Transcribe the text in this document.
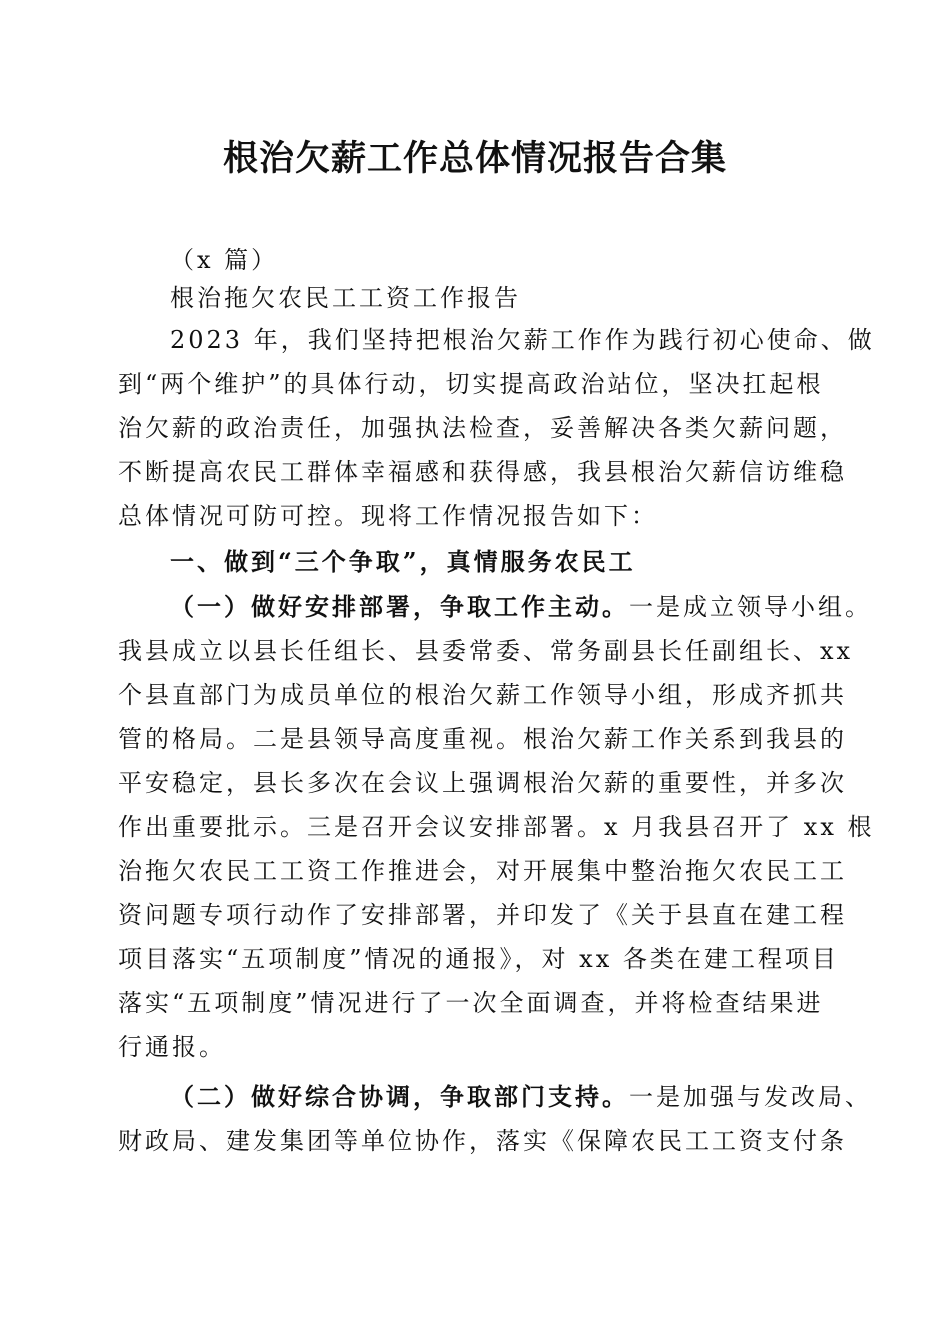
根治欠薪工作总体情况报告合集

（x 篇）

根治拖欠农民工工资工作报告

2023 年，我们坚持把根治欠薪工作作为践行初心使命、做

到“两个维护”的具体行动，切实提高政治站位，坚决扛起根

治欠薪的政治责任，加强执法检查，妥善解决各类欠薪问题，

不断提高农民工群体幸福感和获得感，我县根治欠薪信访维稳

总体情况可防可控。现将工作情况报告如下：

一、做到“三个争取”，真情服务农民工

（一）做好安排部署，争取工作主动。一是成立领导小组。

我县成立以县长任组长、县委常委、常务副县长任副组长、xx

个县直部门为成员单位的根治欠薪工作领导小组，形成齐抓共

管的格局。二是县领导高度重视。根治欠薪工作关系到我县的

平安稳定，县长多次在会议上强调根治欠薪的重要性，并多次

作出重要批示。三是召开会议安排部署。x 月我县召开了 xx 根

治拖欠农民工工资工作推进会，对开展集中整治拖欠农民工工

资问题专项行动作了安排部署，并印发了《关于县直在建工程

项目落实“五项制度”情况的通报》，对 xx 各类在建工程项目

落实“五项制度”情况进行了一次全面调查，并将检查结果进

行通报。

（二）做好综合协调，争取部门支持。一是加强与发改局、

财政局、建发集团等单位协作，落实《保障农民工工资支付条
